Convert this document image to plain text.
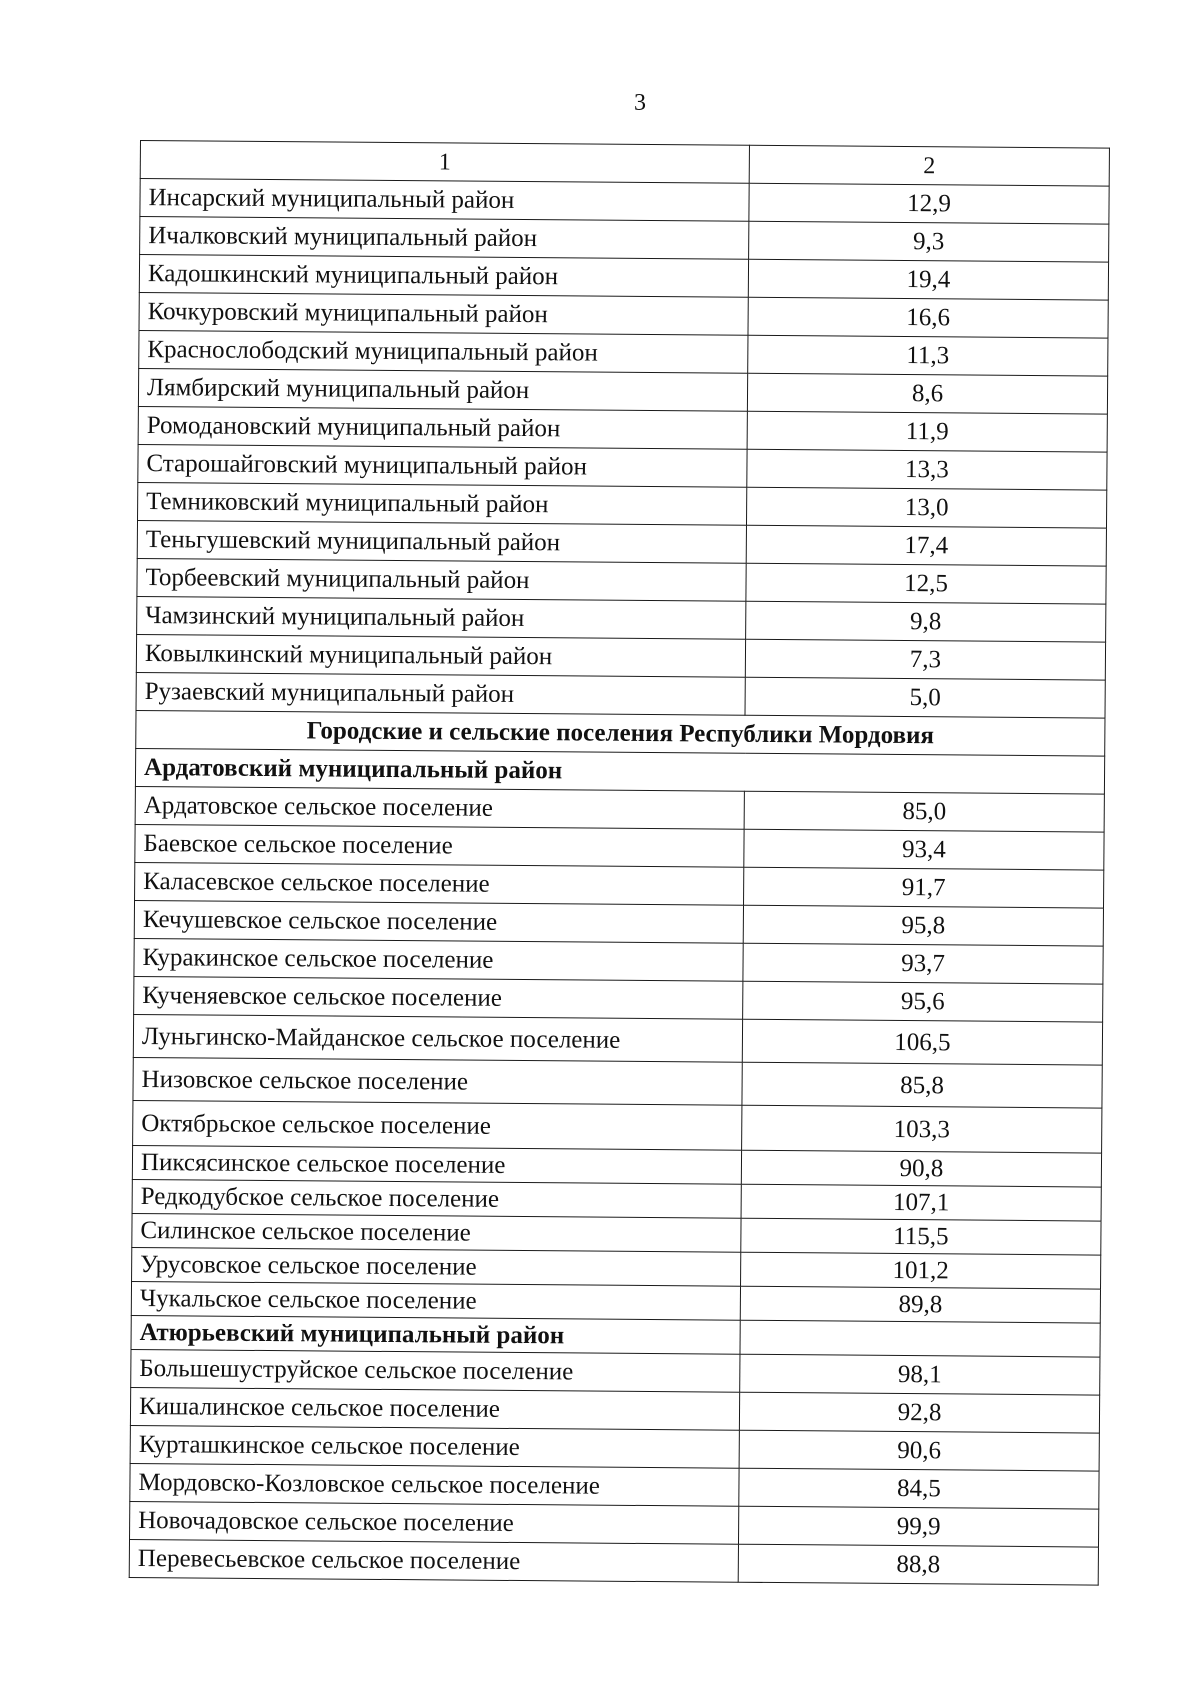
3
1	2
Инсарский муниципальный район	12,9
Ичалковский муниципальный район	9,3
Кадошкинский муниципальный район	19,4
Кочкуровский муниципальный район	16,6
Краснослободский муниципальный район	11,3
Лямбирский муниципальный район	8,6
Ромодановский муниципальный район	11,9
Старошайговский муниципальный район	13,3
Темниковский муниципальный район	13,0
Теньгушевский муниципальный район	17,4
Торбеевский муниципальный район	12,5
Чамзинский муниципальный район	9,8
Ковылкинский муниципальный район	7,3
Рузаевский муниципальный район	5,0
Городские и сельские поселения Республики Мордовия	
Ардатовский муниципальный район	
Ардатовское сельское поселение	85,0
Баевское сельское поселение	93,4
Каласевское сельское поселение	91,7
Кечушевское сельское поселение	95,8
Куракинское сельское поселение	93,7
Кученяевское сельское поселение	95,6
Луньгинско-Майданское сельское поселение	106,5
Низовское сельское поселение	85,8
Октябрьское сельское поселение	103,3
Пиксясинское сельское поселение	90,8
Редкодубское сельское поселение	107,1
Силинское сельское поселение	115,5
Урусовское сельское поселение	101,2
Чукальское сельское поселение	89,8
Атюрьевский муниципальный район	
Большешуструйское сельское поселение	98,1
Кишалинское сельское поселение	92,8
Курташкинское сельское поселение	90,6
Мордовско-Козловское сельское поселение	84,5
Новочадовское сельское поселение	99,9
Перевесьевское сельское поселение	88,8
